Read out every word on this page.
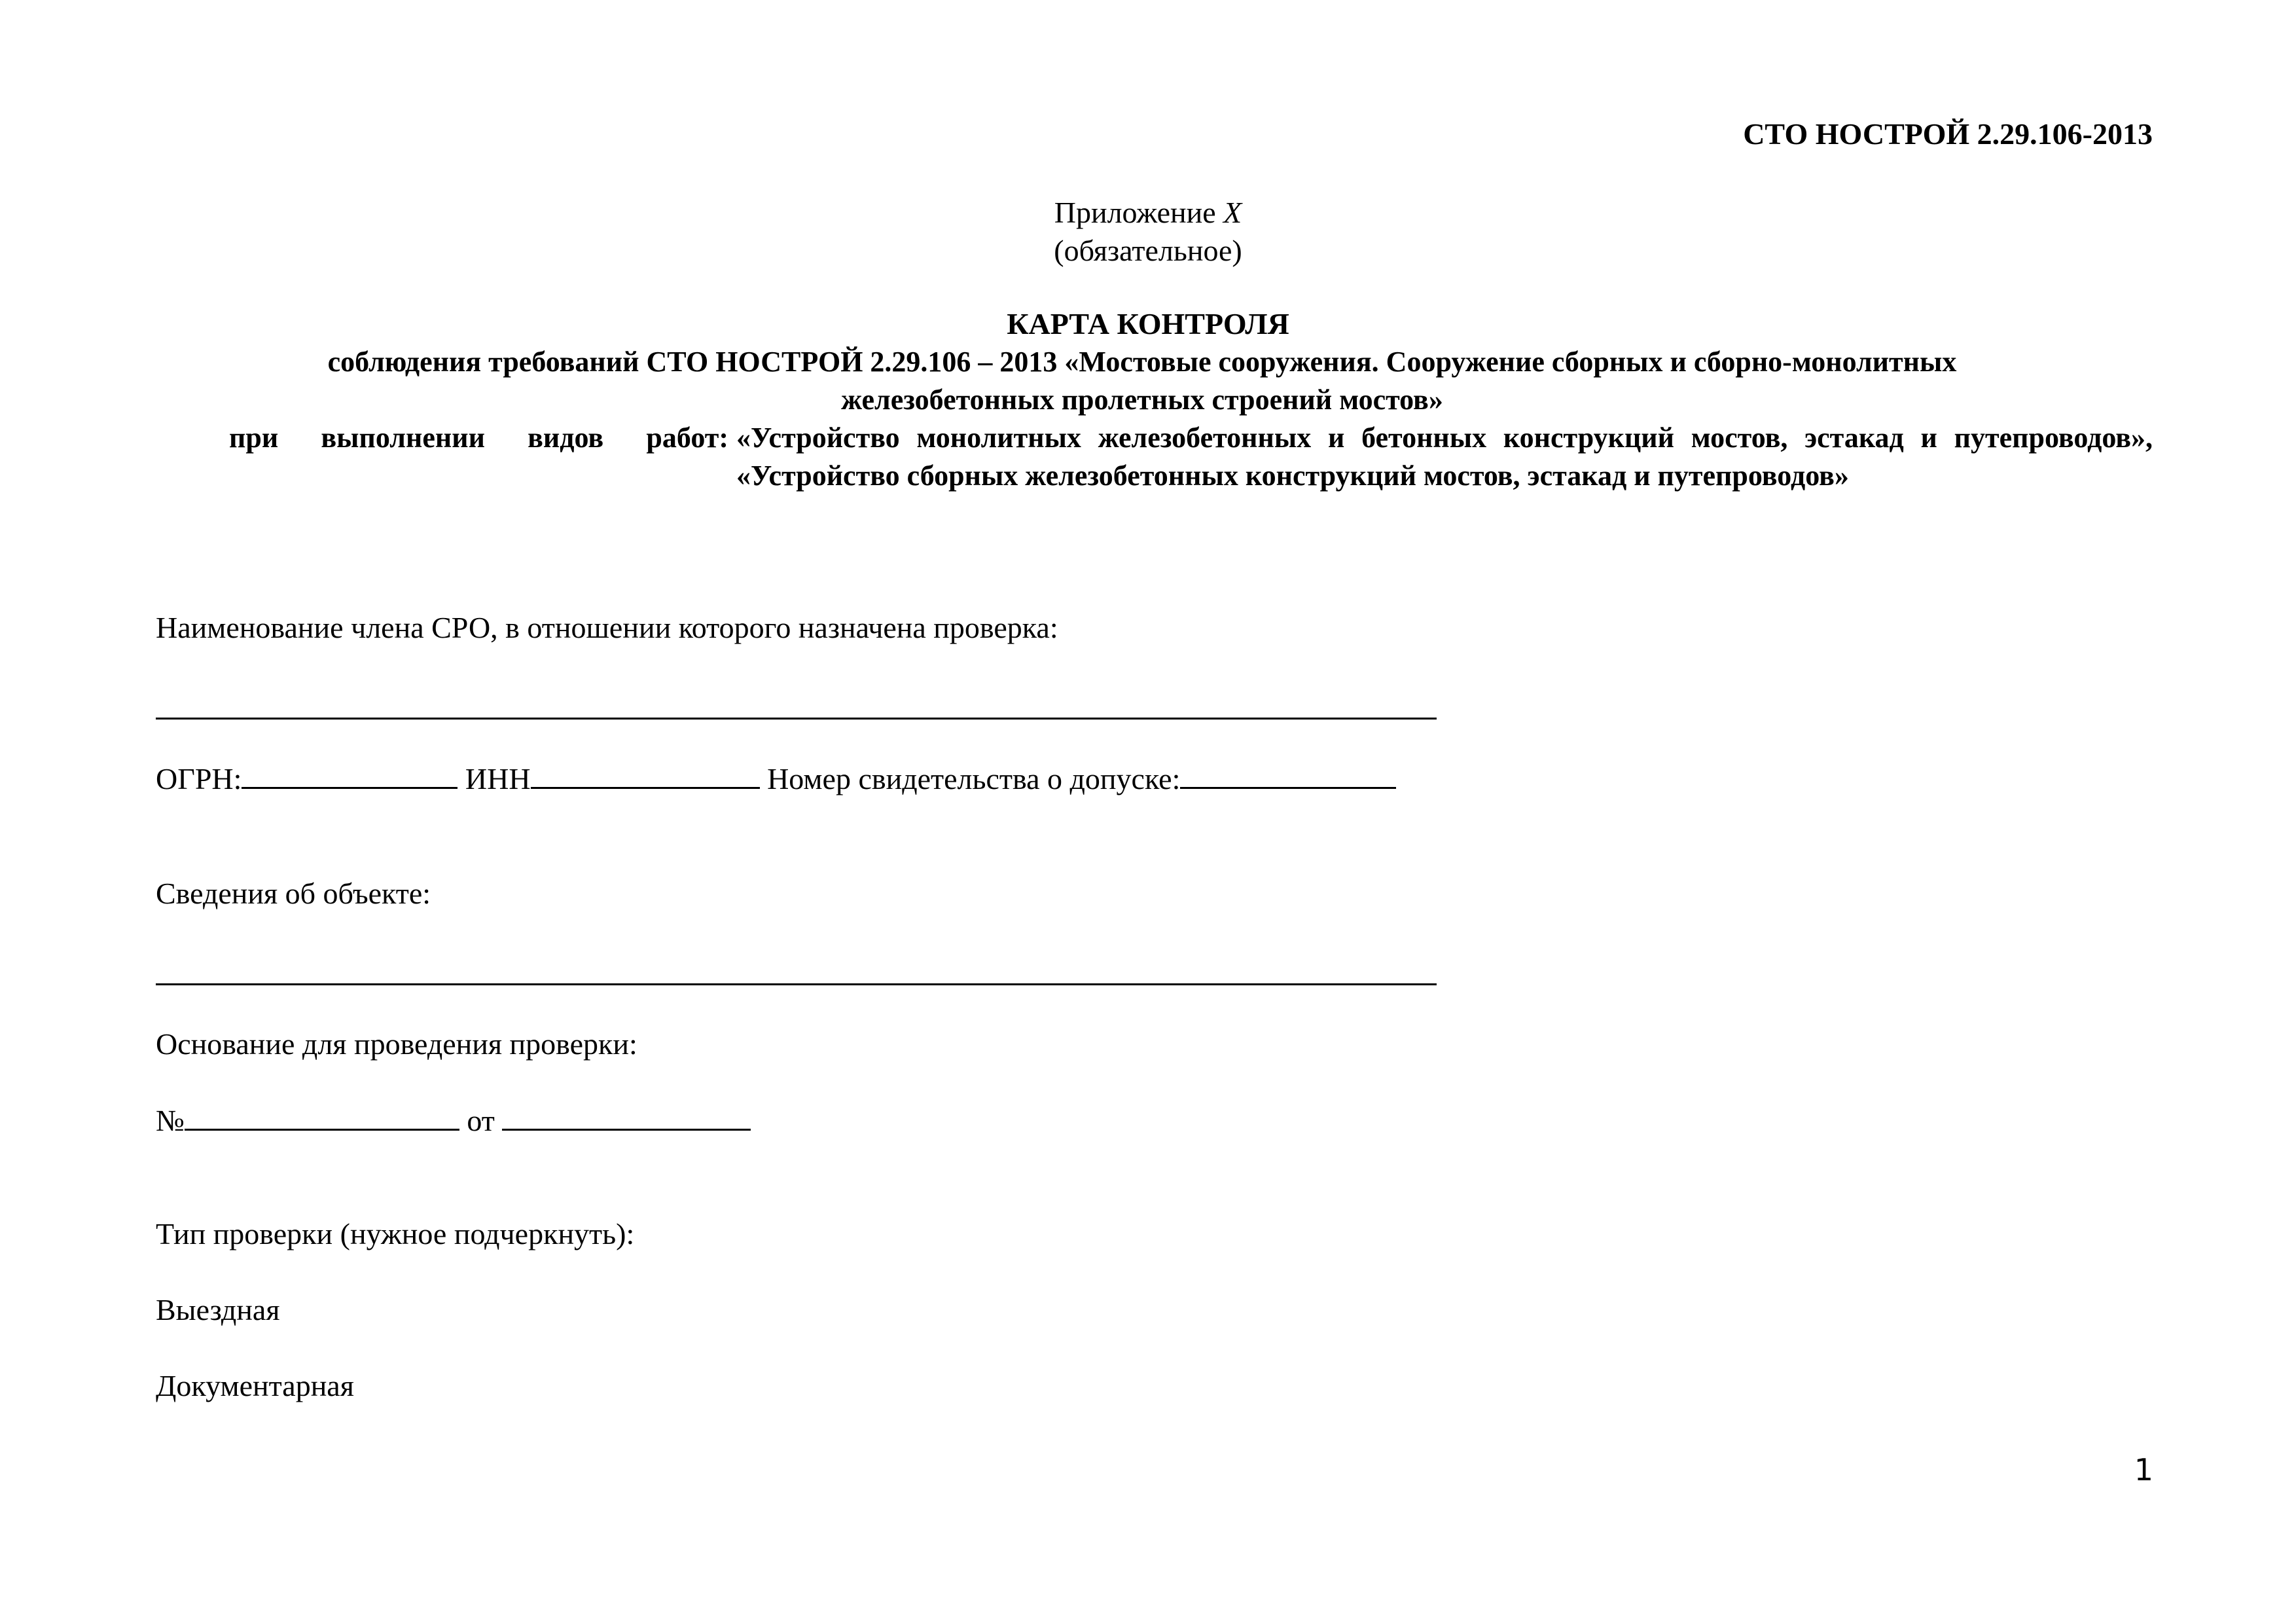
СТО НОСТРОЙ 2.29.106-2013
Приложение Х
(обязательное)
КАРТА КОНТРОЛЯ
соблюдения требований СТО НОСТРОЙ 2.29.106 – 2013 «Мостовые сооружения. Сооружение сборных и сборно-монолитных
железобетонных пролетных строений мостов»
при выполнении видов работ: «Устройство монолитных железобетонных и бетонных конструкций мостов, эстакад и путепроводов», «Устройство сборных железобетонных конструкций мостов, эстакад и путепроводов»
Наименование члена СРО, в отношении которого назначена проверка:
ОГРН:	ИНН	Номер свидетельства о допуске:
Сведения об объекте:
Основание для проведения проверки:
№	от
Тип проверки (нужное подчеркнуть):
Выездная
Документарная
1
